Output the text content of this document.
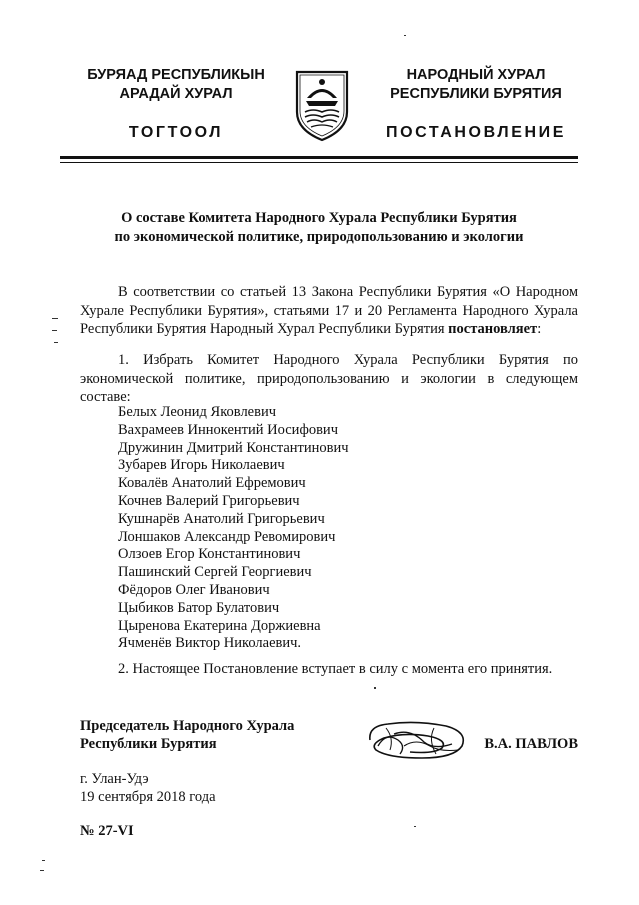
БУРЯАД РЕСПУБЛИКЫН
АРАДАЙ ХУРАЛ
ТОГТООЛ
НАРОДНЫЙ ХУРАЛ
РЕСПУБЛИКИ БУРЯТИЯ
ПОСТАНОВЛЕНИЕ
О составе Комитета Народного Хурала Республики Бурятия
по экономической политике, природопользованию и экологии
В соответствии со статьей 13 Закона Республики Бурятия «О Народном Хурале Республики Бурятия», статьями 17 и 20 Регламента Народного Хурала Республики Бурятия Народный Хурал Республики Бурятия постановляет:
1. Избрать Комитет Народного Хурала Республики Бурятия по экономической политике, природопользованию и экологии в следующем составе:
Белых Леонид Яковлевич
Вахрамеев Иннокентий Иосифович
Дружинин Дмитрий Константинович
Зубарев Игорь Николаевич
Ковалёв Анатолий Ефремович
Кочнев Валерий Григорьевич
Кушнарёв Анатолий Григорьевич
Лоншаков Александр Ревомирович
Олзоев Егор Константинович
Пашинский Сергей Георгиевич
Фёдоров Олег Иванович
Цыбиков Батор Булатович
Цыренова Екатерина Доржиевна
Ячменёв Виктор Николаевич.
2. Настоящее Постановление вступает в силу с момента его принятия.
Председатель Народного Хурала
Республики Бурятия	В.А. ПАВЛОВ
г. Улан-Удэ
19 сентября 2018 года
№ 27-VI
